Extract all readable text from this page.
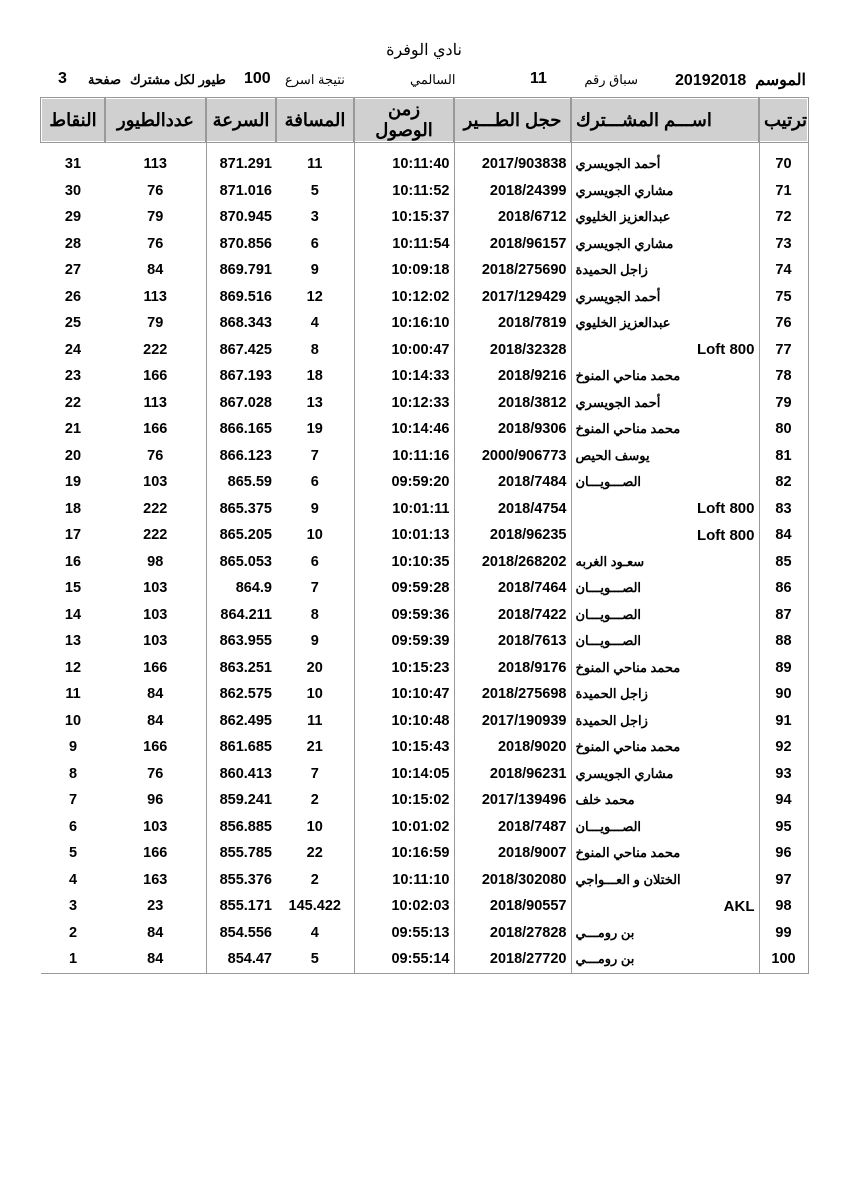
نادي الوفرة
الموسم  20192018
سباق رقم
11
السالمي
نتيجة اسرع
100
طيور لكل مشترك
صفحة
3
النقاط	عددالطيور	السرعة	المسافة	زمن الوصول	حجل الطـــير	اســـم المشـــترك	ترتيب
31	113	871.291	11	10:11:40	2017/903838	أحمد الجويسري	70
30	76	871.016	5	10:11:52	2018/24399	مشاري الجويسري	71
29	79	870.945	3	10:15:37	2018/6712	عبدالعزيز الخليوي	72
28	76	870.856	6	10:11:54	2018/96157	مشاري الجويسري	73
27	84	869.791	9	10:09:18	2018/275690	زاجل الحميدة	74
26	113	869.516	12	10:12:02	2017/129429	أحمد الجويسري	75
25	79	868.343	4	10:16:10	2018/7819	عبدالعزيز الخليوي	76
24	222	867.425	8	10:00:47	2018/32328	Loft 800	77
23	166	867.193	18	10:14:33	2018/9216	محمد مناحي المنوخ	78
22	113	867.028	13	10:12:33	2018/3812	أحمد الجويسري	79
21	166	866.165	19	10:14:46	2018/9306	محمد مناحي المنوخ	80
20	76	866.123	7	10:11:16	2000/906773	يوسف الحيص	81
19	103	865.59	6	09:59:20	2018/7484	الصـــويـــان	82
18	222	865.375	9	10:01:11	2018/4754	Loft 800	83
17	222	865.205	10	10:01:13	2018/96235	Loft 800	84
16	98	865.053	6	10:10:35	2018/268202	سعـود الغربه	85
15	103	864.9	7	09:59:28	2018/7464	الصـــويـــان	86
14	103	864.211	8	09:59:36	2018/7422	الصـــويـــان	87
13	103	863.955	9	09:59:39	2018/7613	الصـــويـــان	88
12	166	863.251	20	10:15:23	2018/9176	محمد مناحي المنوخ	89
11	84	862.575	10	10:10:47	2018/275698	زاجل الحميدة	90
10	84	862.495	11	10:10:48	2017/190939	زاجل الحميدة	91
9	166	861.685	21	10:15:43	2018/9020	محمد مناحي المنوخ	92
8	76	860.413	7	10:14:05	2018/96231	مشاري الجويسري	93
7	96	859.241	2	10:15:02	2017/139496	محمد خلف	94
6	103	856.885	10	10:01:02	2018/7487	الصـــويـــان	95
5	166	855.785	22	10:16:59	2018/9007	محمد مناحي المنوخ	96
4	163	855.376	2	10:11:10	2018/302080	الختلان و العـــواجي	97
3	23	855.171	145.422	10:02:03	2018/90557	AKL	98
2	84	854.556	4	09:55:13	2018/27828	بن رومـــي	99
1	84	854.47	5	09:55:14	2018/27720	بن رومـــي	100
